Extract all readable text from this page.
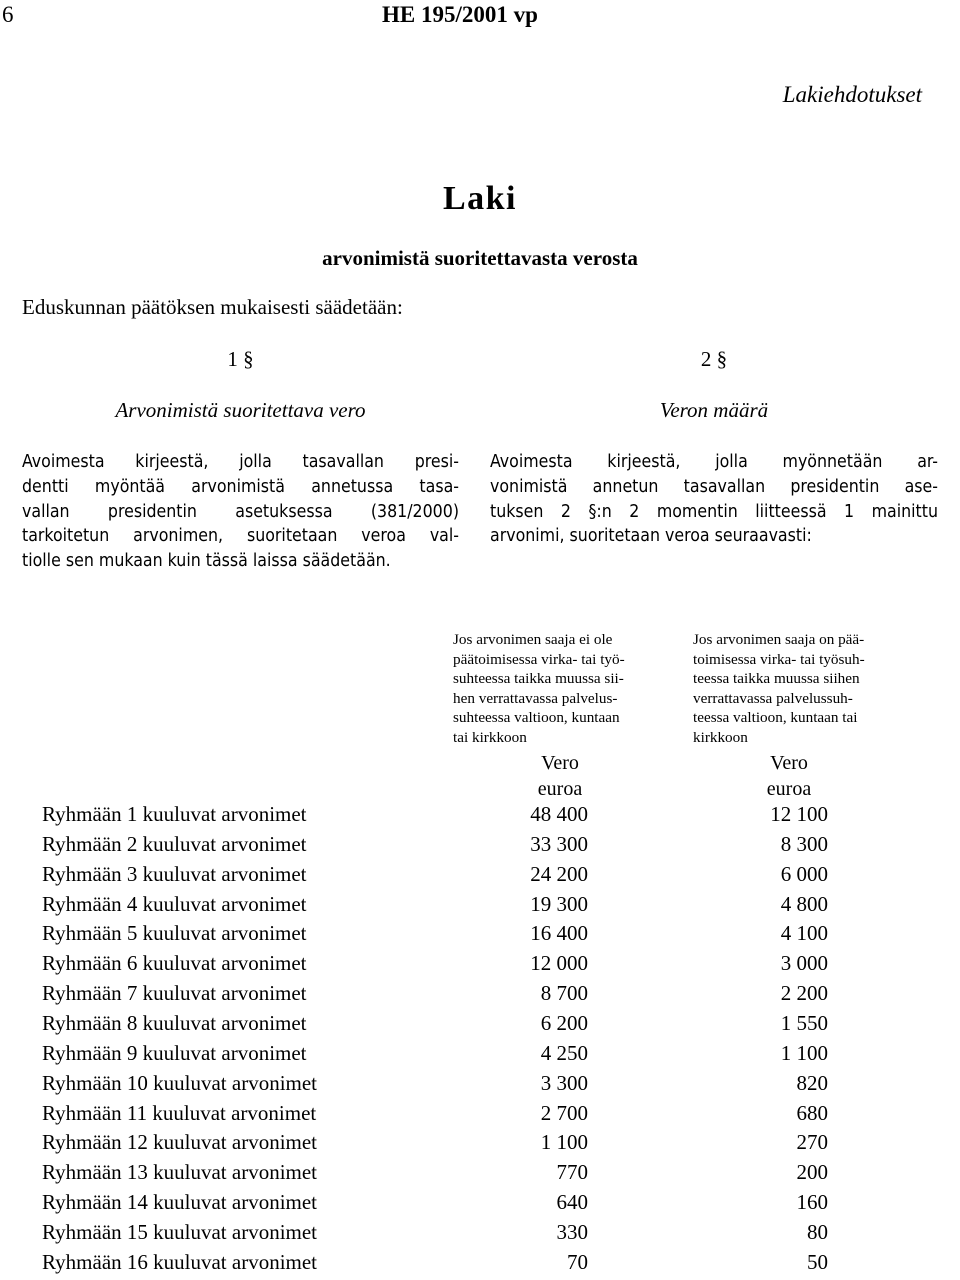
6	HE 195/2001 vp
Lakiehdotukset
Laki
arvonimistä suoritettavasta verosta
Eduskunnan päätöksen mukaisesti säädetään:
1 §
Arvonimistä suoritettava vero
Avoimesta kirjeestä, jolla tasavallan presi-
dentti myöntää arvonimistä annetussa tasa-
vallan presidentin asetuksessa (381/2000)
tarkoitetun arvonimen, suoritetaan veroa val-
tiolle sen mukaan kuin tässä laissa säädetään.
2 §
Veron määrä
Avoimesta kirjeestä, jolla myönnetään ar-
vonimistä annetun tasavallan presidentin ase-
tuksen 2 §:n 2 momentin liitteessä 1 mainittu
arvonimi, suoritetaan veroa seuraavasti:
Jos arvonimen saaja ei ole
päätoimisessa virka- tai työ-
suhteessa taikka muussa sii-
hen verrattavassa palvelus-
suhteessa valtioon, kuntaan
tai kirkkoon
Jos arvonimen saaja on pää-
toimisessa virka- tai työsuh-
teessa taikka muussa siihen
verrattavassa palvelussuh-
teessa valtioon, kuntaan tai
kirkkoon
Vero
euroa
Vero
euroa
Ryhmään 1 kuuluvat arvonimet	48 400	12 100
Ryhmään 2 kuuluvat arvonimet	33 300	8 300
Ryhmään 3 kuuluvat arvonimet	24 200	6 000
Ryhmään 4 kuuluvat arvonimet	19 300	4 800
Ryhmään 5 kuuluvat arvonimet	16 400	4 100
Ryhmään 6 kuuluvat arvonimet	12 000	3 000
Ryhmään 7 kuuluvat arvonimet	8 700	2 200
Ryhmään 8 kuuluvat arvonimet	6 200	1 550
Ryhmään 9 kuuluvat arvonimet	4 250	1 100
Ryhmään 10 kuuluvat arvonimet	3 300	820
Ryhmään 11 kuuluvat arvonimet	2 700	680
Ryhmään 12 kuuluvat arvonimet	1 100	270
Ryhmään 13 kuuluvat arvonimet	770	200
Ryhmään 14 kuuluvat arvonimet	640	160
Ryhmään 15 kuuluvat arvonimet	330	80
Ryhmään 16 kuuluvat arvonimet	70	50
